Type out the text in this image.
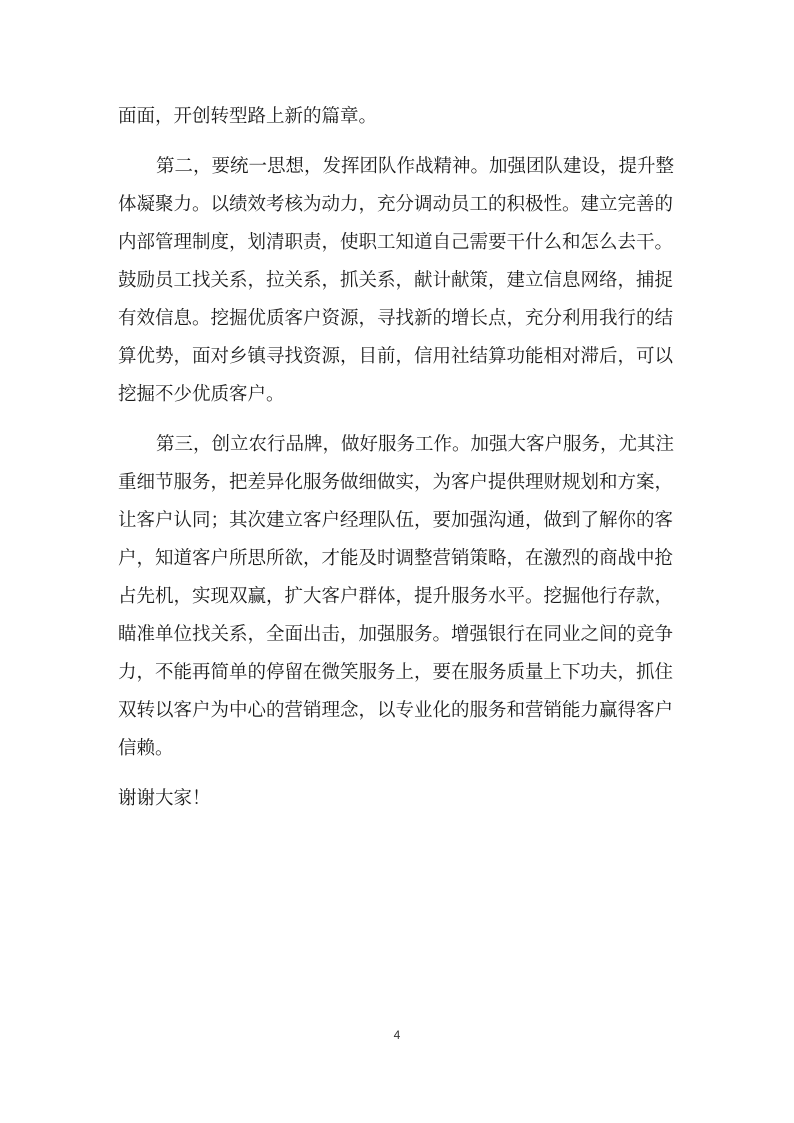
面面，开创转型路上新的篇章。

第二，要统一思想，发挥团队作战精神。加强团队建设，提升整
体凝聚力。以绩效考核为动力，充分调动员工的积极性。建立完善的
内部管理制度，划清职责，使职工知道自己需要干什么和怎么去干。
鼓励员工找关系，拉关系，抓关系，献计献策，建立信息网络，捕捉
有效信息。挖掘优质客户资源，寻找新的增长点，充分利用我行的结
算优势，面对乡镇寻找资源，目前，信用社结算功能相对滞后，可以
挖掘不少优质客户。

第三，创立农行品牌，做好服务工作。加强大客户服务，尤其注
重细节服务，把差异化服务做细做实，为客户提供理财规划和方案，
让客户认同；其次建立客户经理队伍，要加强沟通，做到了解你的客
户，知道客户所思所欲，才能及时调整营销策略，在激烈的商战中抢
占先机，实现双赢，扩大客户群体，提升服务水平。挖掘他行存款，
瞄准单位找关系，全面出击，加强服务。增强银行在同业之间的竞争
力，不能再简单的停留在微笑服务上，要在服务质量上下功夫，抓住
双转以客户为中心的营销理念，以专业化的服务和营销能力赢得客户
信赖。

谢谢大家！

4
